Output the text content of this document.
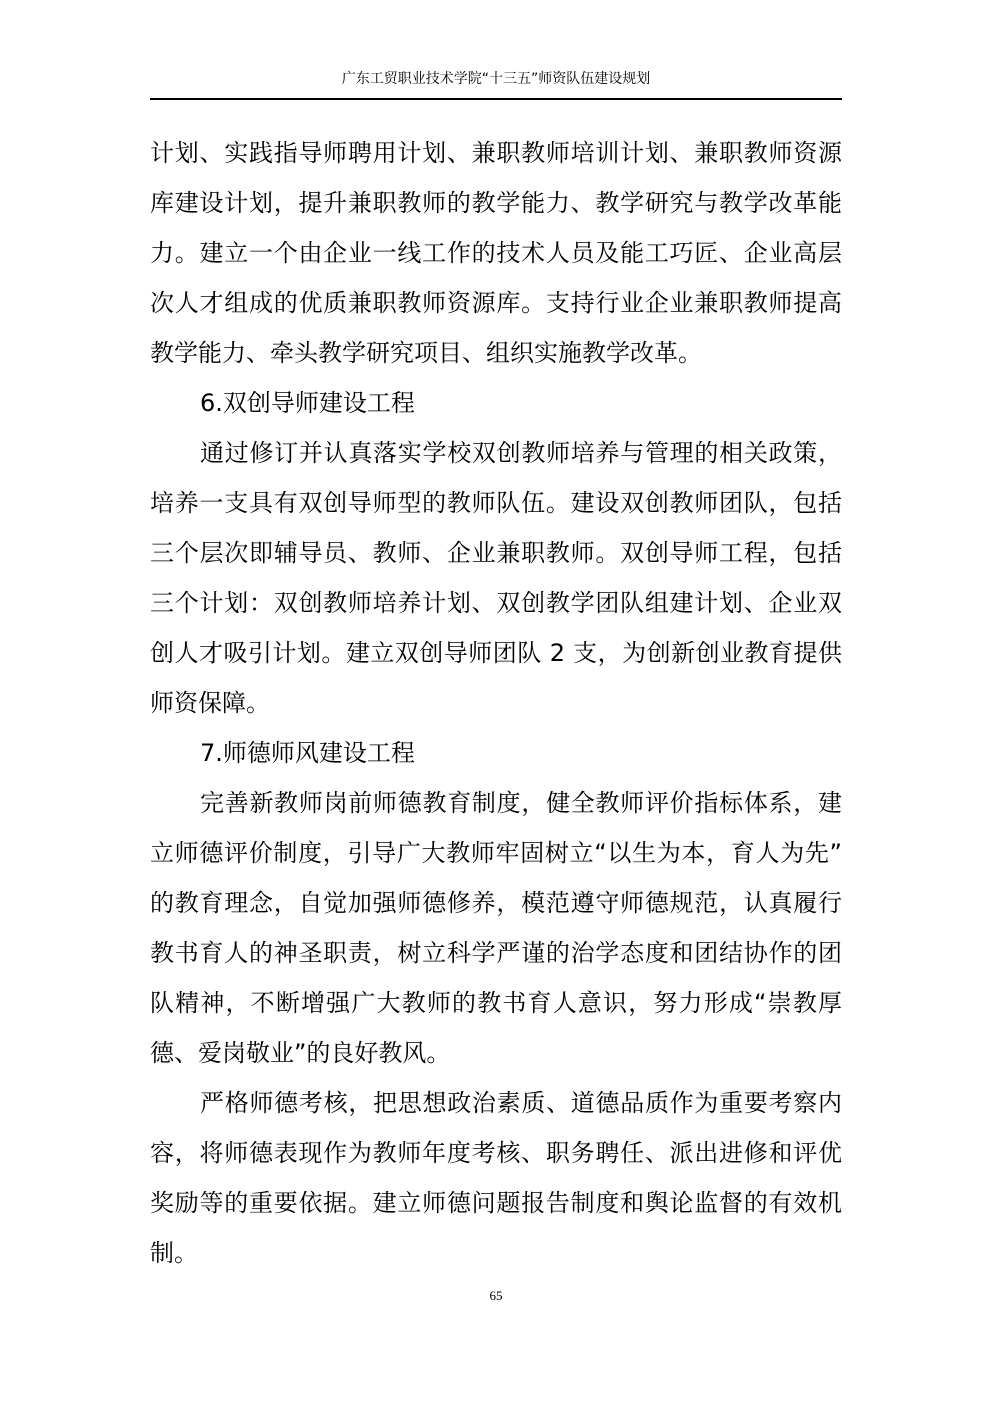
广东工贸职业技术学院“十三五”师资队伍建设规划
计划、实践指导师聘用计划、兼职教师培训计划、兼职教师资源
库建设计划，提升兼职教师的教学能力、教学研究与教学改革能
力。建立一个由企业一线工作的技术人员及能工巧匠、企业高层
次人才组成的优质兼职教师资源库。支持行业企业兼职教师提高
教学能力、牵头教学研究项目、组织实施教学改革。
6.双创导师建设工程
通过修订并认真落实学校双创教师培养与管理的相关政策，
培养一支具有双创导师型的教师队伍。建设双创教师团队，包括
三个层次即辅导员、教师、企业兼职教师。双创导师工程，包括
三个计划：双创教师培养计划、双创教学团队组建计划、企业双
创人才吸引计划。建立双创导师团队 2 支，为创新创业教育提供
师资保障。
7.师德师风建设工程
完善新教师岗前师德教育制度，健全教师评价指标体系，建
立师德评价制度，引导广大教师牢固树立“以生为本，育人为先”
的教育理念，自觉加强师德修养，模范遵守师德规范，认真履行
教书育人的神圣职责，树立科学严谨的治学态度和团结协作的团
队精神，不断增强广大教师的教书育人意识，努力形成“崇教厚
德、爱岗敬业”的良好教风。
严格师德考核，把思想政治素质、道德品质作为重要考察内
容，将师德表现作为教师年度考核、职务聘任、派出进修和评优
奖励等的重要依据。建立师德问题报告制度和舆论监督的有效机
制。
65
